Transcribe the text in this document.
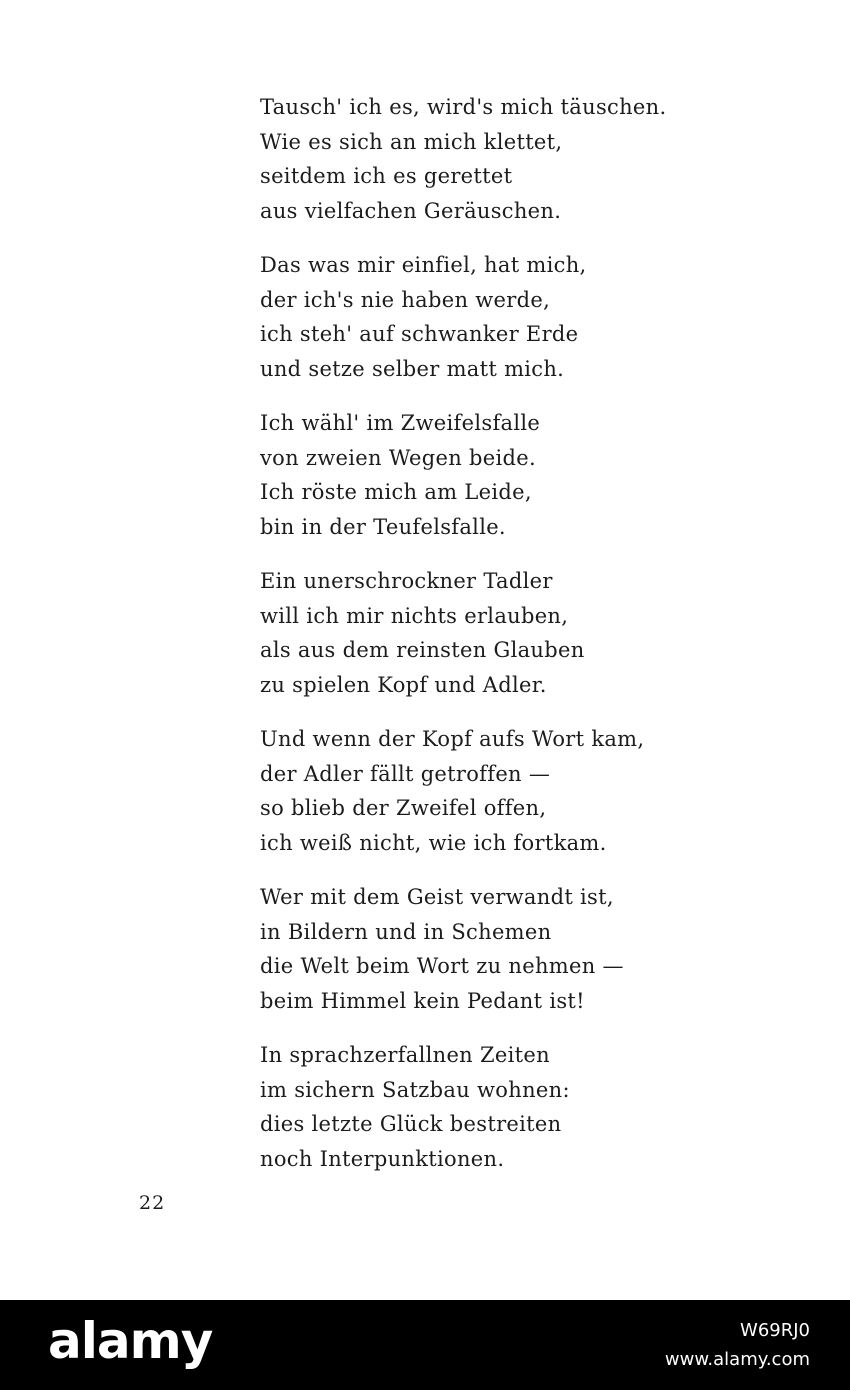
Tausch' ich es, wird's mich täuschen.
Wie es sich an mich klettet,
seitdem ich es gerettet
aus vielfachen Geräuschen.
Das was mir einfiel, hat mich,
der ich's nie haben werde,
ich steh' auf schwanker Erde
und setze selber matt mich.
Ich wähl' im Zweifelsfalle
von zweien Wegen beide.
Ich röste mich am Leide,
bin in der Teufelsfalle.
Ein unerschrockner Tadler
will ich mir nichts erlauben,
als aus dem reinsten Glauben
zu spielen Kopf und Adler.
Und wenn der Kopf aufs Wort kam,
der Adler fällt getroffen —
so blieb der Zweifel offen,
ich weiß nicht, wie ich fortkam.
Wer mit dem Geist verwandt ist,
in Bildern und in Schemen
die Welt beim Wort zu nehmen —
beim Himmel kein Pedant ist!
In sprachzerfallnen Zeiten
im sichern Satzbau wohnen:
dies letzte Glück bestreiten
noch Interpunktionen.
22
alamy	W69RJ0
www.alamy.com
